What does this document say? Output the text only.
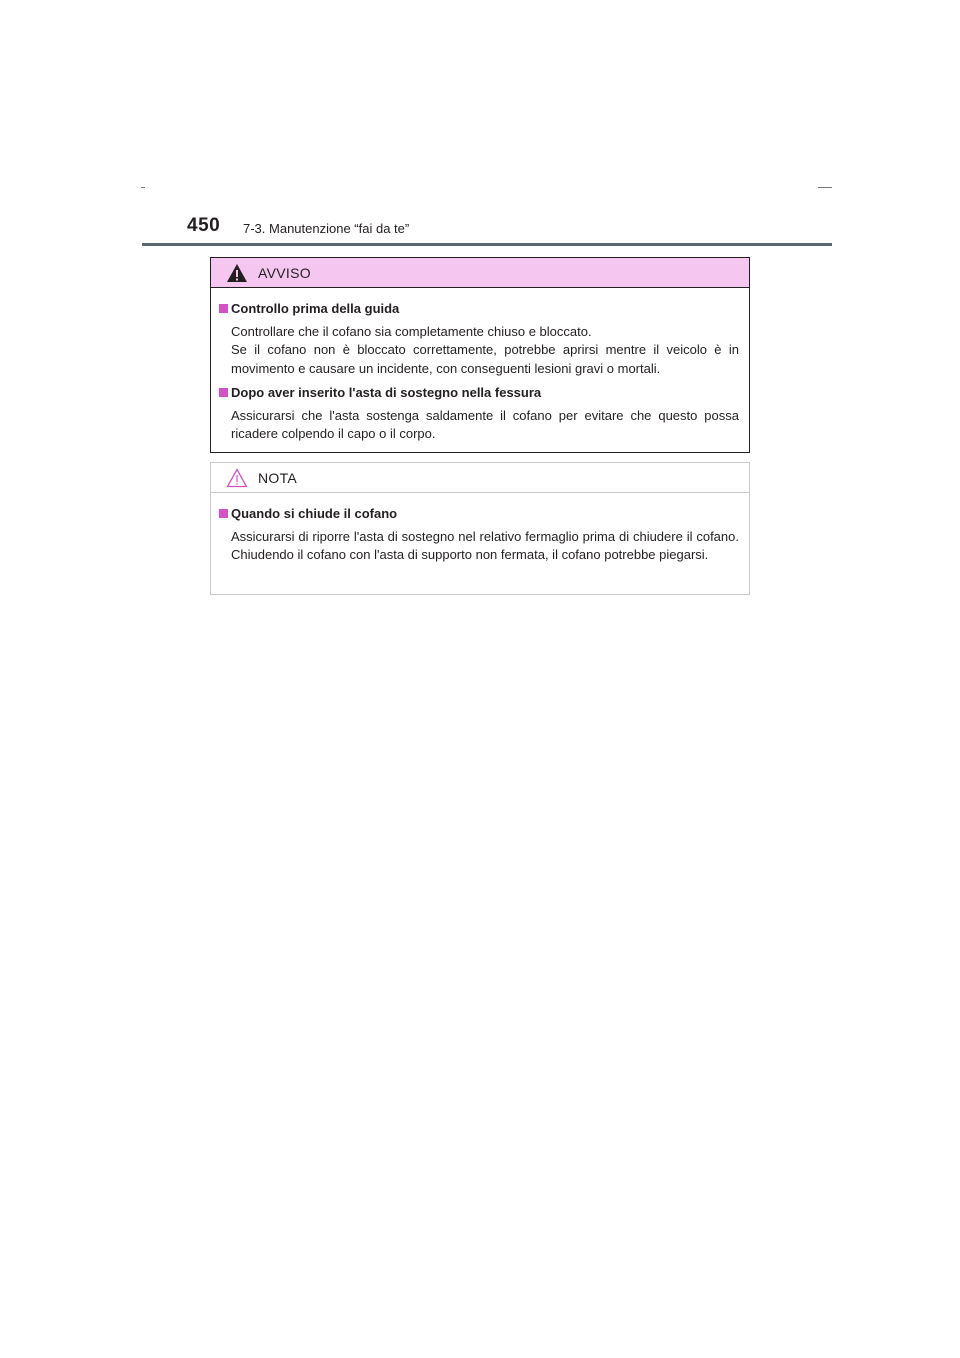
450 7-3. Manutenzione “fai da te”
AVVISO

Controllo prima della guida

Controllare che il cofano sia completamente chiuso e bloccato.
Se il cofano non è bloccato correttamente, potrebbe aprirsi mentre il veicolo è in movimento e causare un incidente, con conseguenti lesioni gravi o mortali.

Dopo aver inserito l'asta di sostegno nella fessura

Assicurarsi che l'asta sostenga saldamente il cofano per evitare che questo possa ricadere colpendo il capo o il corpo.
NOTA

Quando si chiude il cofano

Assicurarsi di riporre l'asta di sostegno nel relativo fermaglio prima di chiudere il cofano. Chiudendo il cofano con l'asta di supporto non fermata, il cofano potrebbe piegarsi.
